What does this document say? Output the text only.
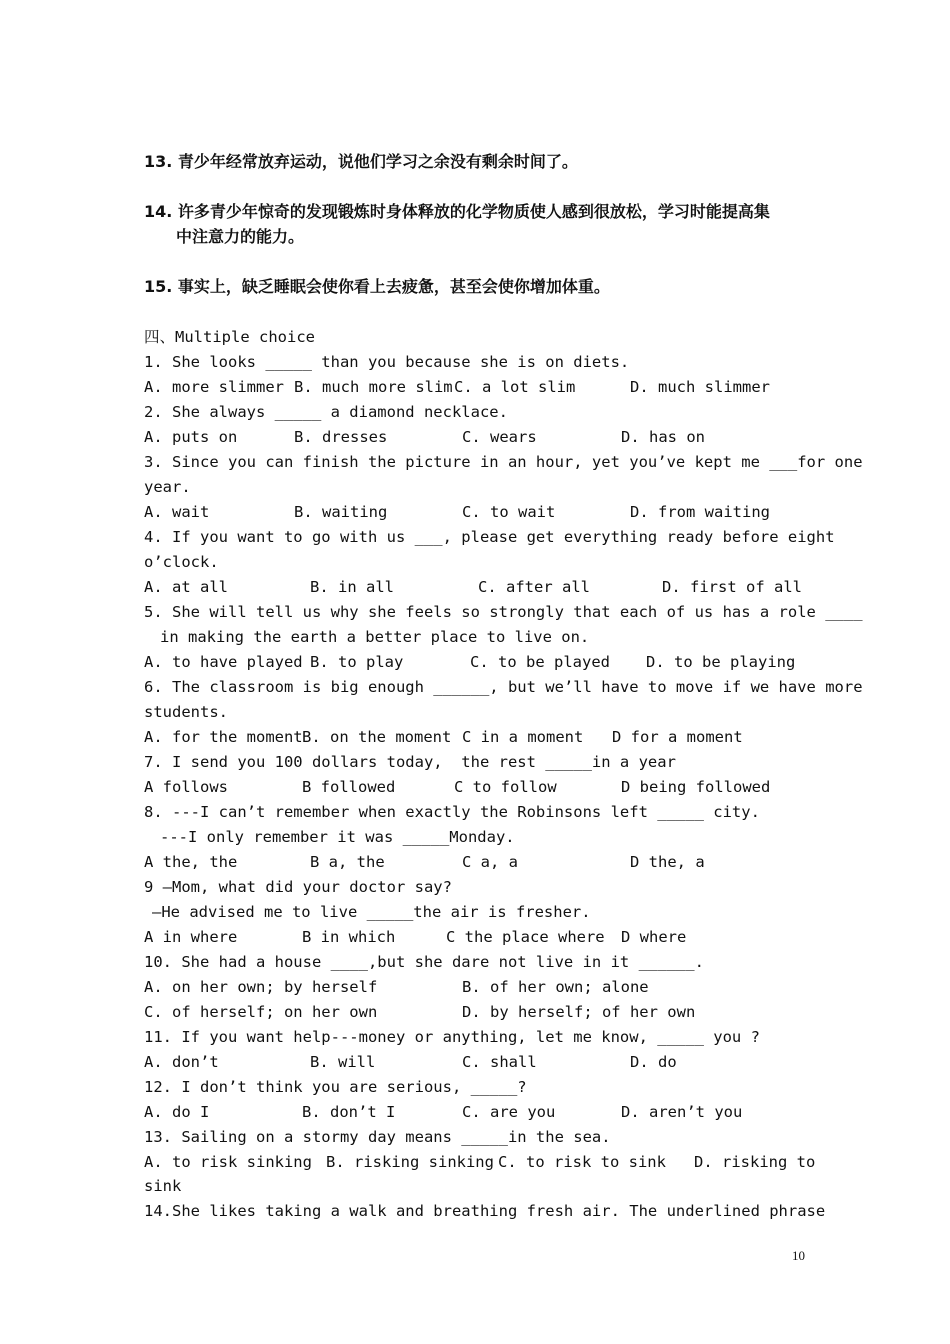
13. 青少年经常放弃运动，说他们学习之余没有剩余时间了。
14. 许多青少年惊奇的发现锻炼时身体释放的化学物质使人感到很放松，学习时能提高集
中注意力的能力。
15. 事实上，缺乏睡眠会使你看上去疲惫，甚至会使你增加体重。
四、Multiple choice
1. She looks _____ than you because she is on diets.

A. more slimmer

B. much more slim

C. a lot slim

	D. much slimmer

2. She always _____ a diamond necklace.

A. puts on

	B. dresses

	C. wears

	D. has on

3. Since you can finish the picture in an hour, yet you’ve kept me ___for one
year.

A. wait

	B. waiting

	C. to wait

	D. from waiting

4. If you want to go with us ___, please get everything ready before eight
o’clock.

A. at all

	B. in all

	C. after all

	D. first of all

5. She will tell us why she feels so strongly that each of us has a role ____
in making the earth a better place to live on.

A. to have played

B. to play

	C. to be played

D. to be playing

6. The classroom is big enough ______, but we’ll have to move if we have more
students.

A. for the moment

B. on the moment

C in a moment

D for a moment

7. I send you 100 dollars today,  the rest _____in a year

A follows

	B followed

	C to follow

	D being followed

8. ---I can’t remember when exactly the Robinsons left _____ city.
---I only remember it was _____Monday.

A the, the

	B a, the

	C a, a

	D the, a

9 —Mom, what did your doctor say?
—He advised me to live _____the air is fresher.

A in where

	B in which

	C the place where

D where

10. She had a house ____,but she dare not live in it ______.

A. on her own; by herself

	B. of her own; alone

C. of herself; on her own

	D. by herself; of her own

11. If you want help---money or anything, let me know, _____ you ?

A. don’t

	B. will

	C. shall

	D. do

12. I don’t think you are serious, _____?

A. do I

	B. don’t I

	C. are you

	D. aren’t you

13. Sailing on a stormy day means _____in the sea.

A. to risk sinking

B. risking sinking

C. to risk to sink

D. risking to

sink
14.She likes taking a walk and breathing fresh air. The underlined phrase
10
